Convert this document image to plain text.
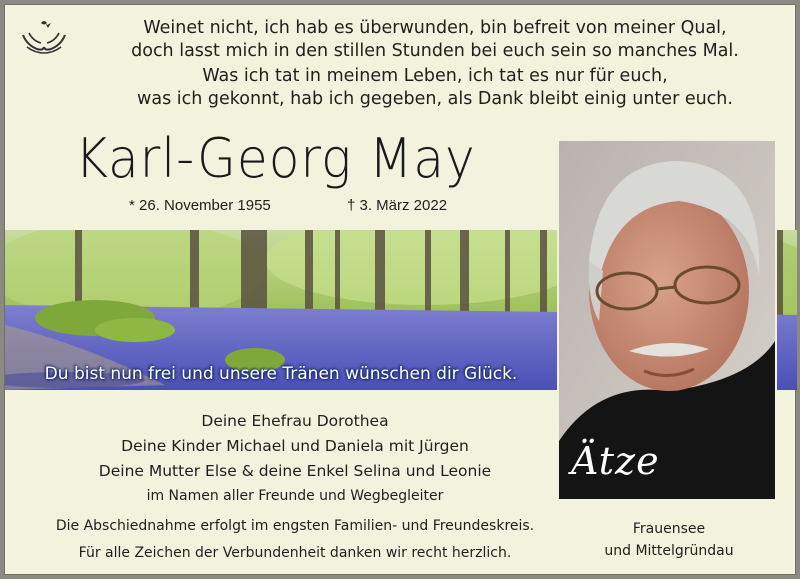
Weinet nicht, ich hab es überwunden, bin befreit von meiner Qual,
doch lasst mich in den stillen Stunden bei euch sein so manches Mal.
Was ich tat in meinem Leben, ich tat es nur für euch,
was ich gekonnt, hab ich gegeben, als Dank bleibt einig unter euch.
Karl-Georg May
* 26. November 1955	† 3. März 2022
Du bist nun frei und unsere Tränen wünschen dir Glück.
Ätze
Deine Ehefrau Dorothea
Deine Kinder Michael und Daniela mit Jürgen
Deine Mutter Else & deine Enkel Selina und Leonie
im Namen aller Freunde und Wegbegleiter
Die Abschiednahme erfolgt im engsten Familien- und Freundeskreis.
Für alle Zeichen der Verbundenheit danken wir recht herzlich.
Frauensee
und Mittelgründau
